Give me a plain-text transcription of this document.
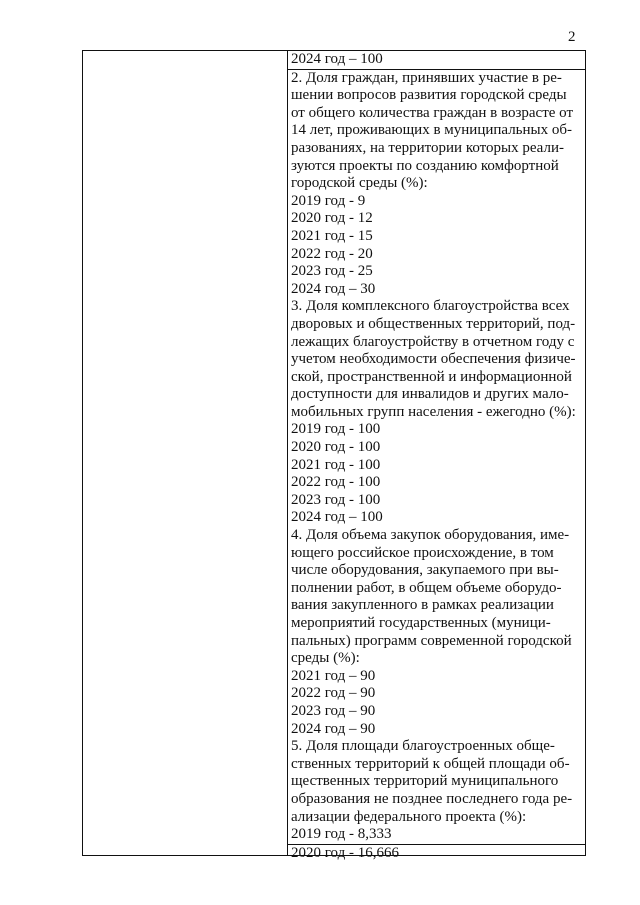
2
2024 год – 100
2. Доля граждан, принявших участие в ре-
шении вопросов развития городской среды
от общего количества граждан в возрасте от
14 лет, проживающих в муниципальных об-
разованиях, на территории которых реали-
зуются проекты по созданию комфортной
городской среды (%):
2019 год - 9
2020 год - 12
2021 год - 15
2022 год - 20
2023 год - 25
2024 год – 30
3. Доля комплексного благоустройства всех
дворовых и общественных территорий, под-
лежащих благоустройству в отчетном году с
учетом необходимости обеспечения физиче-
ской, пространственной и информационной
доступности для инвалидов и других мало-
мобильных групп населения - ежегодно (%):
2019 год - 100
2020 год - 100
2021 год - 100
2022 год - 100
2023 год - 100
2024 год – 100
4. Доля объема закупок оборудования, име-
ющего российское происхождение, в том
числе оборудования, закупаемого при вы-
полнении работ, в общем объеме оборудо-
вания закупленного в рамках реализации
мероприятий государственных (муници-
пальных) программ современной городской
среды (%):
2021 год – 90
2022 год – 90
2023 год – 90
2024 год – 90
5. Доля площади благоустроенных обще-
ственных территорий к общей площади об-
щественных территорий муниципального
образования не позднее последнего года ре-
ализации федерального проекта (%):
2019 год - 8,333
2020 год - 16,666
